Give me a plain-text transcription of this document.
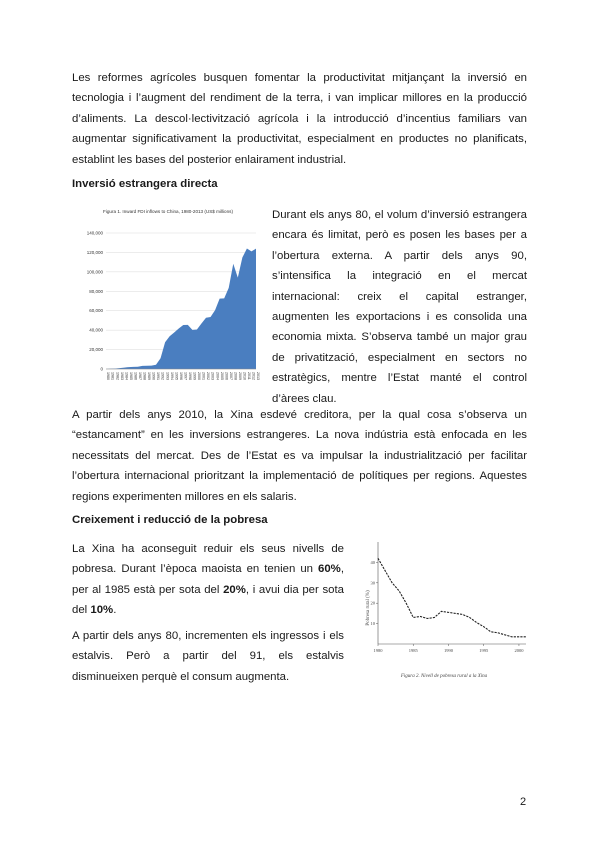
Les reformes agrícoles busquen fomentar la productivitat mitjançant la inversió en tecnologia i l’augment del rendiment de la terra, i van implicar millores en la producció d’aliments. La descol·lectivització agrícola i la introducció d’incentius familiars van augmentar significativament la productivitat, especialment en productes no planificats, establint les bases del posterior enlairament industrial.

Inversió estrangera directa

Figura 1. Inward FDI inflows to China, 1980-2013 (US$ millions)
0
20,000
40,000
60,000
80,000
100,000
120,000
140,000
1980 1981 1982 1983 1984 1985 1986 1987 1988 1989 1990 1991 1992 1993 1994 1995 1996 1997 1998 1999 2000 2001 2002 2003 2004 2005 2006 2007 2008 2009 2010 2011 2012 2013

Durant els anys 80, el volum d’inversió estrangera encara és limitat, però es posen les bases per a l’obertura externa. A partir dels anys 90, s’intensifica la integració en el mercat internacional: creix el capital estranger, augmenten les exportacions i es consolida una economia mixta. S’observa també un major grau de privatització, especialment en sectors no estratègics, mentre l’Estat manté el control d’àrees clau.

A partir dels anys 2010, la Xina esdevé creditora, per la qual cosa s’observa un “estancament” en les inversions estrangeres. La nova indústria està enfocada en les necessitats del mercat. Des de l’Estat es va impulsar la industrialització per facilitar l’obertura internacional prioritzant la implementació de polítiques per regions. Aquestes regions experimenten millores en els salaris.

Creixement i reducció de la pobresa

La Xina ha aconseguit reduir els seus nivells de pobresa. Durant l’època maoista en tenien un 60%, per al 1985 està per sota del 20%, i avui dia per sota del 10%.

A partir dels anys 80, incrementen els ingressos i els estalvis. Però a partir del 91, els estalvis disminueixen perquè el consum augmenta.

Pobresa rural (%)
40
30
20
10
1980	1985	1990	1995	2000
Figura 2. Nivell de pobresa rural a la Xina
2
